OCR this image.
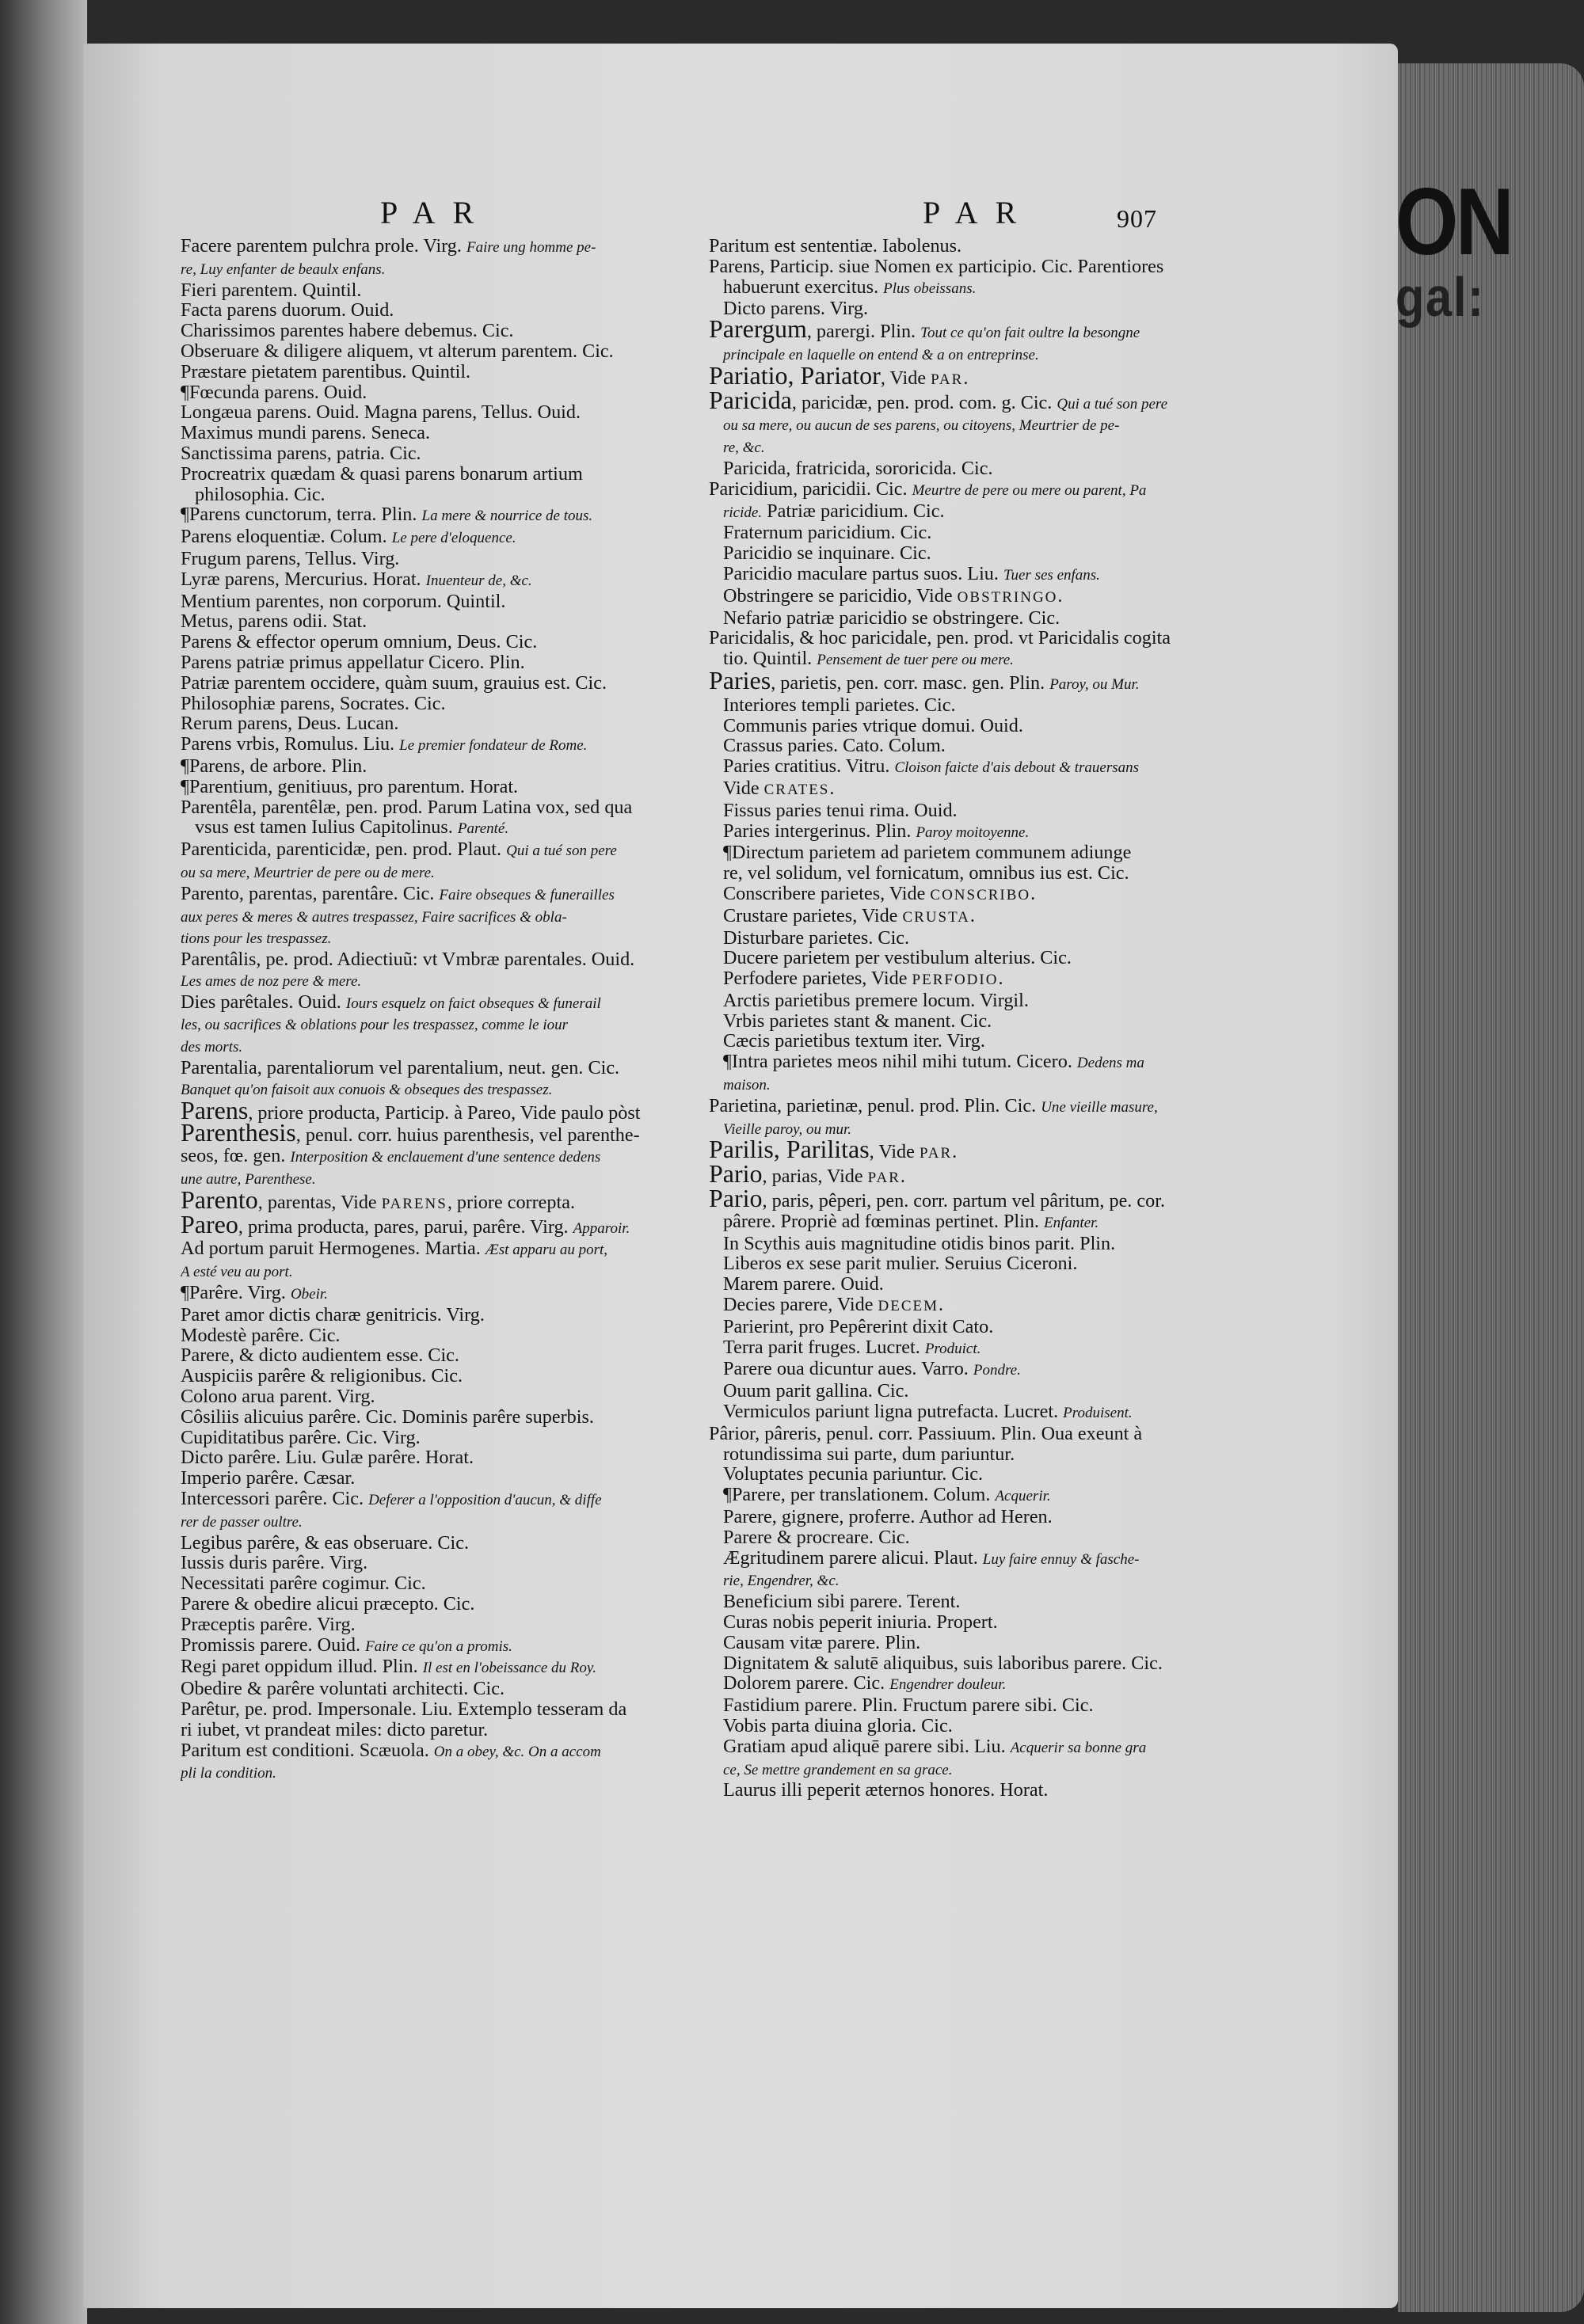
ON
gal:
PAR	PAR	907
Facere parentem pulchra prole. Virg. Faire ung homme pe-
re, Luy enfanter de beaulx enfans.
Fieri parentem. Quintil.
Facta parens duorum. Ouid.
Charissimos parentes habere debemus. Cic.
Obseruare & diligere aliquem, vt alterum parentem. Cic.
Præstare pietatem parentibus. Quintil.
¶Fœcunda parens. Ouid.
Longæua parens. Ouid. Magna parens, Tellus. Ouid.
Maximus mundi parens. Seneca.
Sanctissima parens, patria. Cic.
Procreatrix quædam & quasi parens bonarum artium
philosophia. Cic.
¶Parens cunctorum, terra. Plin. La mere & nourrice de tous.
Parens eloquentiæ. Colum. Le pere d'eloquence.
Frugum parens, Tellus. Virg.
Lyræ parens, Mercurius. Horat. Inuenteur de, &c.
Mentium parentes, non corporum. Quintil.
Metus, parens odii. Stat.
Parens & effector operum omnium, Deus. Cic.
Parens patriæ primus appellatur Cicero. Plin.
Patriæ parentem occidere, quàm suum, grauius est. Cic.
Philosophiæ parens, Socrates. Cic.
Rerum parens, Deus. Lucan.
Parens vrbis, Romulus. Liu. Le premier fondateur de Rome.
¶Parens, de arbore. Plin.
¶Parentium, genitiuus, pro parentum. Horat.
Parentêla, parentêlæ, pen. prod. Parum Latina vox, sed qua
vsus est tamen Iulius Capitolinus. Parenté.
Parenticida, parenticidæ, pen. prod. Plaut. Qui a tué son pere
ou sa mere, Meurtrier de pere ou de mere.
Parento, parentas, parentâre. Cic. Faire obseques & funerailles
aux peres & meres & autres trespassez, Faire sacrifices & obla-
tions pour les trespassez.
Parentâlis, pe. prod. Adiectiuũ: vt Vmbræ parentales. Ouid.
Les ames de noz pere & mere.
Dies parêtales. Ouid. Iours esquelz on faict obseques & funerail
les, ou sacrifices & oblations pour les trespassez, comme le iour
des morts.
Parentalia, parentaliorum vel parentalium, neut. gen. Cic.
Banquet qu'on faisoit aux conuois & obseques des trespassez.
Parens, priore producta, Particip. à Pareo, Vide paulo pòst
Parenthesis, penul. corr. huius parenthesis, vel parenthe-
seos, fœ. gen. Interposition & enclauement d'une sentence dedens
une autre, Parenthese.
Parento, parentas, Vide PARENS, priore correpta.
Pareo, prima producta, pares, parui, parêre. Virg. Apparoir.
Ad portum paruit Hermogenes. Martia. Æst apparu au port,
A esté veu au port.
¶Parêre. Virg. Obeir.
Paret amor dictis charæ genitricis. Virg.
Modestè parêre. Cic.
Parere, & dicto audientem esse. Cic.
Auspiciis parêre & religionibus. Cic.
Colono arua parent. Virg.
Côsiliis alicuius parêre. Cic. Dominis parêre superbis.
Cupiditatibus parêre. Cic. Virg.
Dicto parêre. Liu. Gulæ parêre. Horat.
Imperio parêre. Cæsar.
Intercessori parêre. Cic. Deferer a l'opposition d'aucun, & diffe
rer de passer oultre.
Legibus parêre, & eas obseruare. Cic.
Iussis duris parêre. Virg.
Necessitati parêre cogimur. Cic.
Parere & obedire alicui præcepto. Cic.
Præceptis parêre. Virg.
Promissis parere. Ouid. Faire ce qu'on a promis.
Regi paret oppidum illud. Plin. Il est en l'obeissance du Roy.
Obedire & parêre voluntati architecti. Cic.
Parêtur, pe. prod. Impersonale. Liu. Extemplo tesseram da
ri iubet, vt prandeat miles: dicto paretur.
Paritum est conditioni. Scæuola. On a obey, &c. On a accom
pli la condition.
Paritum est sententiæ. Iabolenus.
Parens, Particip. siue Nomen ex participio. Cic. Parentiores
habuerunt exercitus. Plus obeissans.
Dicto parens. Virg.
Parergum, parergi. Plin. Tout ce qu'on fait oultre la besongne
principale en laquelle on entend & a on entreprinse.
Pariatio, Pariator, Vide PAR.
Paricida, paricidæ, pen. prod. com. g. Cic. Qui a tué son pere
ou sa mere, ou aucun de ses parens, ou citoyens, Meurtrier de pe-
re, &c.
Paricida, fratricida, sororicida. Cic.
Paricidium, paricidii. Cic. Meurtre de pere ou mere ou parent, Pa
ricide. Patriæ paricidium. Cic.
Fraternum paricidium. Cic.
Paricidio se inquinare. Cic.
Paricidio maculare partus suos. Liu. Tuer ses enfans.
Obstringere se paricidio, Vide OBSTRINGO.
Nefario patriæ paricidio se obstringere. Cic.
Paricidalis, & hoc paricidale, pen. prod. vt Paricidalis cogita
tio. Quintil. Pensement de tuer pere ou mere.
Paries, parietis, pen. corr. masc. gen. Plin. Paroy, ou Mur.
Interiores templi parietes. Cic.
Communis paries vtrique domui. Ouid.
Crassus paries. Cato. Colum.
Paries cratitius. Vitru. Cloison faicte d'ais debout & trauersans
Vide CRATES.
Fissus paries tenui rima. Ouid.
Paries intergerinus. Plin. Paroy moitoyenne.
¶Directum parietem ad parietem communem adiunge
re, vel solidum, vel fornicatum, omnibus ius est. Cic.
Conscribere parietes, Vide CONSCRIBO.
Crustare parietes, Vide CRUSTA.
Disturbare parietes. Cic.
Ducere parietem per vestibulum alterius. Cic.
Perfodere parietes, Vide PERFODIO.
Arctis parietibus premere locum. Virgil.
Vrbis parietes stant & manent. Cic.
Cæcis parietibus textum iter. Virg.
¶Intra parietes meos nihil mihi tutum. Cicero. Dedens ma
maison.
Parietina, parietinæ, penul. prod. Plin. Cic. Une vieille masure,
Vieille paroy, ou mur.
Parilis, Parilitas, Vide PAR.
Pario, parias, Vide PAR.
Pario, paris, pêperi, pen. corr. partum vel pâritum, pe. cor.
pârere. Propriè ad fœminas pertinet. Plin. Enfanter.
In Scythis auis magnitudine otidis binos parit. Plin.
Liberos ex sese parit mulier. Seruius Ciceroni.
Marem parere. Ouid.
Decies parere, Vide DECEM.
Parierint, pro Pepêrerint dixit Cato.
Terra parit fruges. Lucret. Produict.
Parere oua dicuntur aues. Varro. Pondre.
Ouum parit gallina. Cic.
Vermiculos pariunt ligna putrefacta. Lucret. Produisent.
Pârior, pâreris, penul. corr. Passiuum. Plin. Oua exeunt à
rotundissima sui parte, dum pariuntur.
Voluptates pecunia pariuntur. Cic.
¶Parere, per translationem. Colum. Acquerir.
Parere, gignere, proferre. Author ad Heren.
Parere & procreare. Cic.
Ægritudinem parere alicui. Plaut. Luy faire ennuy & fasche-
rie, Engendrer, &c.
Beneficium sibi parere. Terent.
Curas nobis peperit iniuria. Propert.
Causam vitæ parere. Plin.
Dignitatem & salutē aliquibus, suis laboribus parere. Cic.
Dolorem parere. Cic. Engendrer douleur.
Fastidium parere. Plin. Fructum parere sibi. Cic.
Vobis parta diuina gloria. Cic.
Gratiam apud aliquē parere sibi. Liu. Acquerir sa bonne gra
ce, Se mettre grandement en sa grace.
Laurus illi peperit æternos honores. Horat.
